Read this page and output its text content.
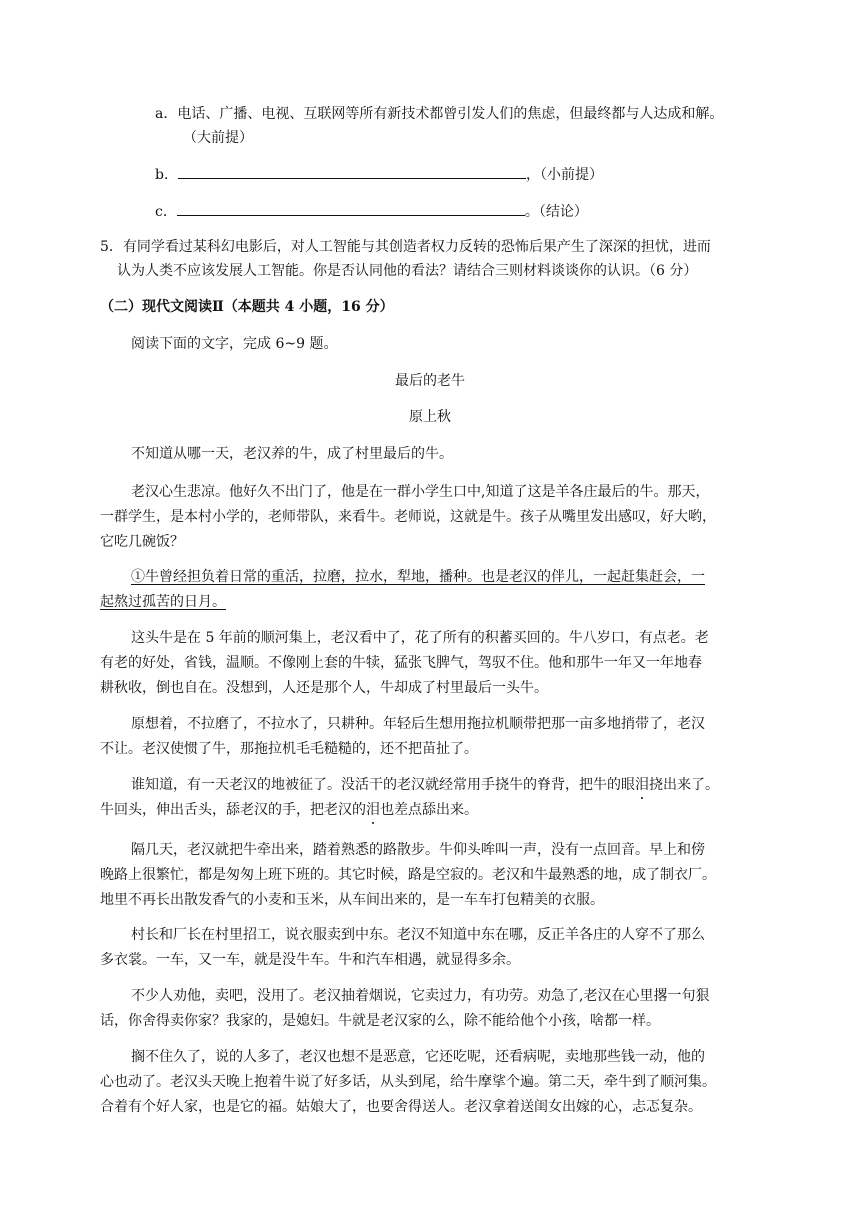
a．电话、广播、电视、互联网等所有新技术都曾引发人们的焦虑，但最终都与人达成和解。
（大前提）
b．	，（小前提）
c．	。（结论）
5．有同学看过某科幻电影后，对人工智能与其创造者权力反转的恐怖后果产生了深深的担忧，进而
认为人类不应该发展人工智能。你是否认同他的看法？请结合三则材料谈谈你的认识。（6 分）
（二）现代文阅读Ⅱ（本题共 4 小题，16 分）
阅读下面的文字，完成 6~9 题。
最后的老牛
原上秋
不知道从哪一天，老汉养的牛，成了村里最后的牛。
老汉心生悲凉。他好久不出门了，他是在一群小学生口中,知道了这是羊各庄最后的牛。那天，
一群学生，是本村小学的，老师带队，来看牛。老师说，这就是牛。孩子从嘴里发出感叹，好大哟，
它吃几碗饭？
①牛曾经担负着日常的重活，拉磨，拉水，犁地，播种。也是老汉的伴儿，一起赶集赶会，一
起熬过孤苦的日月。
这头牛是在 5 年前的顺河集上，老汉看中了，花了所有的积蓄买回的。牛八岁口，有点老。老
有老的好处，省钱，温顺。不像刚上套的牛犊，猛张飞脾气，驾驭不住。他和那牛一年又一年地春
耕秋收，倒也自在。没想到，人还是那个人，牛却成了村里最后一头牛。
原想着，不拉磨了，不拉水了，只耕种。年轻后生想用拖拉机顺带把那一亩多地捎带了，老汉
不让。老汉使惯了牛，那拖拉机毛毛糙糙的，还不把苗扯了。
谁知道，有一天老汉的地被征了。没活干的老汉就经常用手挠牛的脊背，把牛的眼泪挠出来了。
牛回头，伸出舌头，舔老汉的手，把老汉的泪也差点舔出来。
隔几天，老汉就把牛牵出来，踏着熟悉的路散步。牛仰头哞叫一声，没有一点回音。早上和傍
晚路上很繁忙，都是匆匆上班下班的。其它时候，路是空寂的。老汉和牛最熟悉的地，成了制衣厂。
地里不再长出散发香气的小麦和玉米，从车间出来的，是一车车打包精美的衣服。
村长和厂长在村里招工，说衣服卖到中东。老汉不知道中东在哪，反正羊各庄的人穿不了那么
多衣裳。一车，又一车，就是没牛车。牛和汽车相遇，就显得多余。
不少人劝他，卖吧，没用了。老汉抽着烟说，它卖过力，有功劳。劝急了,老汉在心里撂一句狠
话，你舍得卖你家？我家的，是媳妇。牛就是老汉家的么，除不能给他个小孩，啥都一样。
搁不住久了，说的人多了，老汉也想不是恶意，它还吃呢，还看病呢，卖地那些钱一动，他的
心也动了。老汉头天晚上抱着牛说了好多话，从头到尾，给牛摩挲个遍。第二天，牵牛到了顺河集。
合着有个好人家，也是它的福。姑娘大了，也要舍得送人。老汉拿着送闺女出嫁的心，忐忑复杂。
